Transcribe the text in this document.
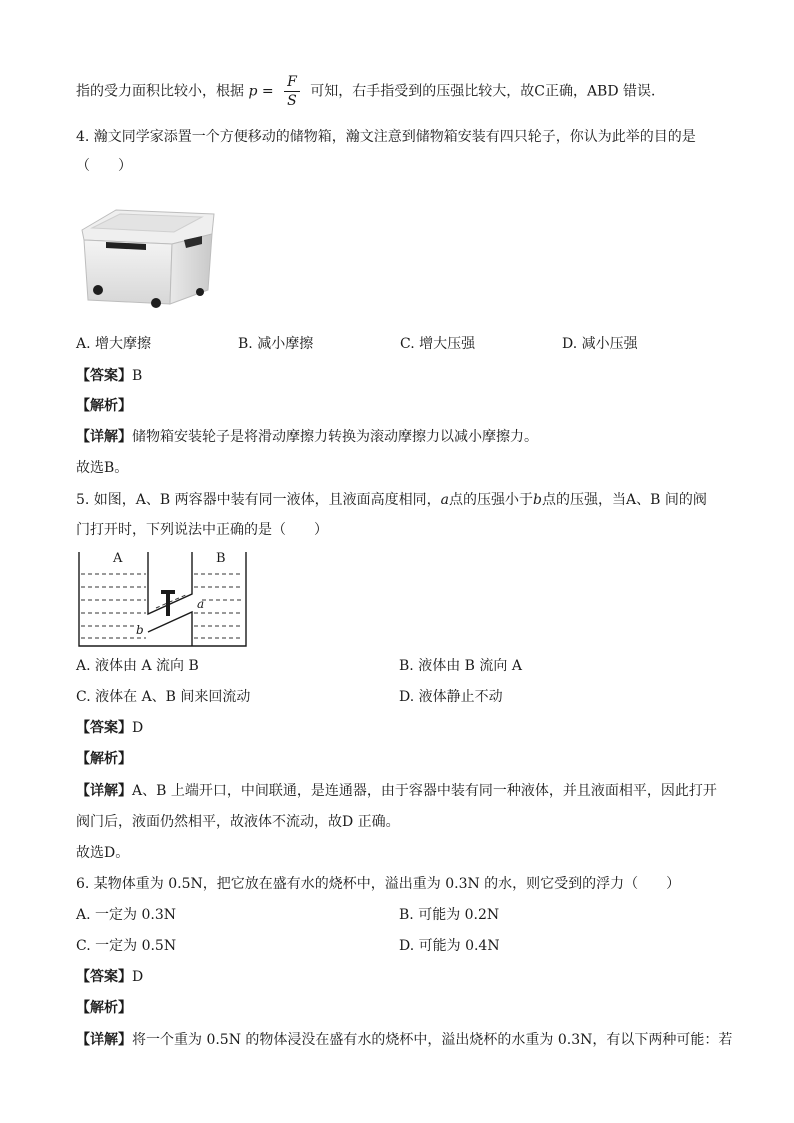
指的受力面积比较小，根据 $p = \frac{F}{S}$ 可知，右手指受到的压强比较大，故C正确，ABD 错误．
4. 瀚文同学家添置一个方便移动的储物箱，瀚文注意到储物箱安装有四只轮子，你认为此举的目的是
（　　）
A. 增大摩擦	B. 减小摩擦	C. 增大压强	D. 减小压强
【答案】B
【解析】
【详解】储物箱安装轮子是将滑动摩擦力转换为滚动摩擦力以减小摩擦力。
故选B。
5. 如图，A、B 两容器中装有同一液体，且液面高度相同，a点的压强小于b点的压强，当A、B 间的阀
门打开时，下列说法中正确的是（　　）
A	B
a
b
A. 液体由 A 流向 B	B. 液体由 B 流向 A
C. 液体在 A、B 间来回流动	D. 液体静止不动
【答案】D
【解析】
【详解】A、B 上端开口，中间联通，是连通器，由于容器中装有同一种液体，并且液面相平，因此打开
阀门后，液面仍然相平，故液体不流动，故D 正确。
故选D。
6. 某物体重为 0.5N，把它放在盛有水的烧杯中，溢出重为 0.3N 的水，则它受到的浮力（　　）
A. 一定为 0.3N	B. 可能为 0.2N
C. 一定为 0.5N	D. 可能为 0.4N
【答案】D
【解析】
【详解】将一个重为 0.5N 的物体浸没在盛有水的烧杯中，溢出烧杯的水重为 0.3N，有以下两种可能：若
